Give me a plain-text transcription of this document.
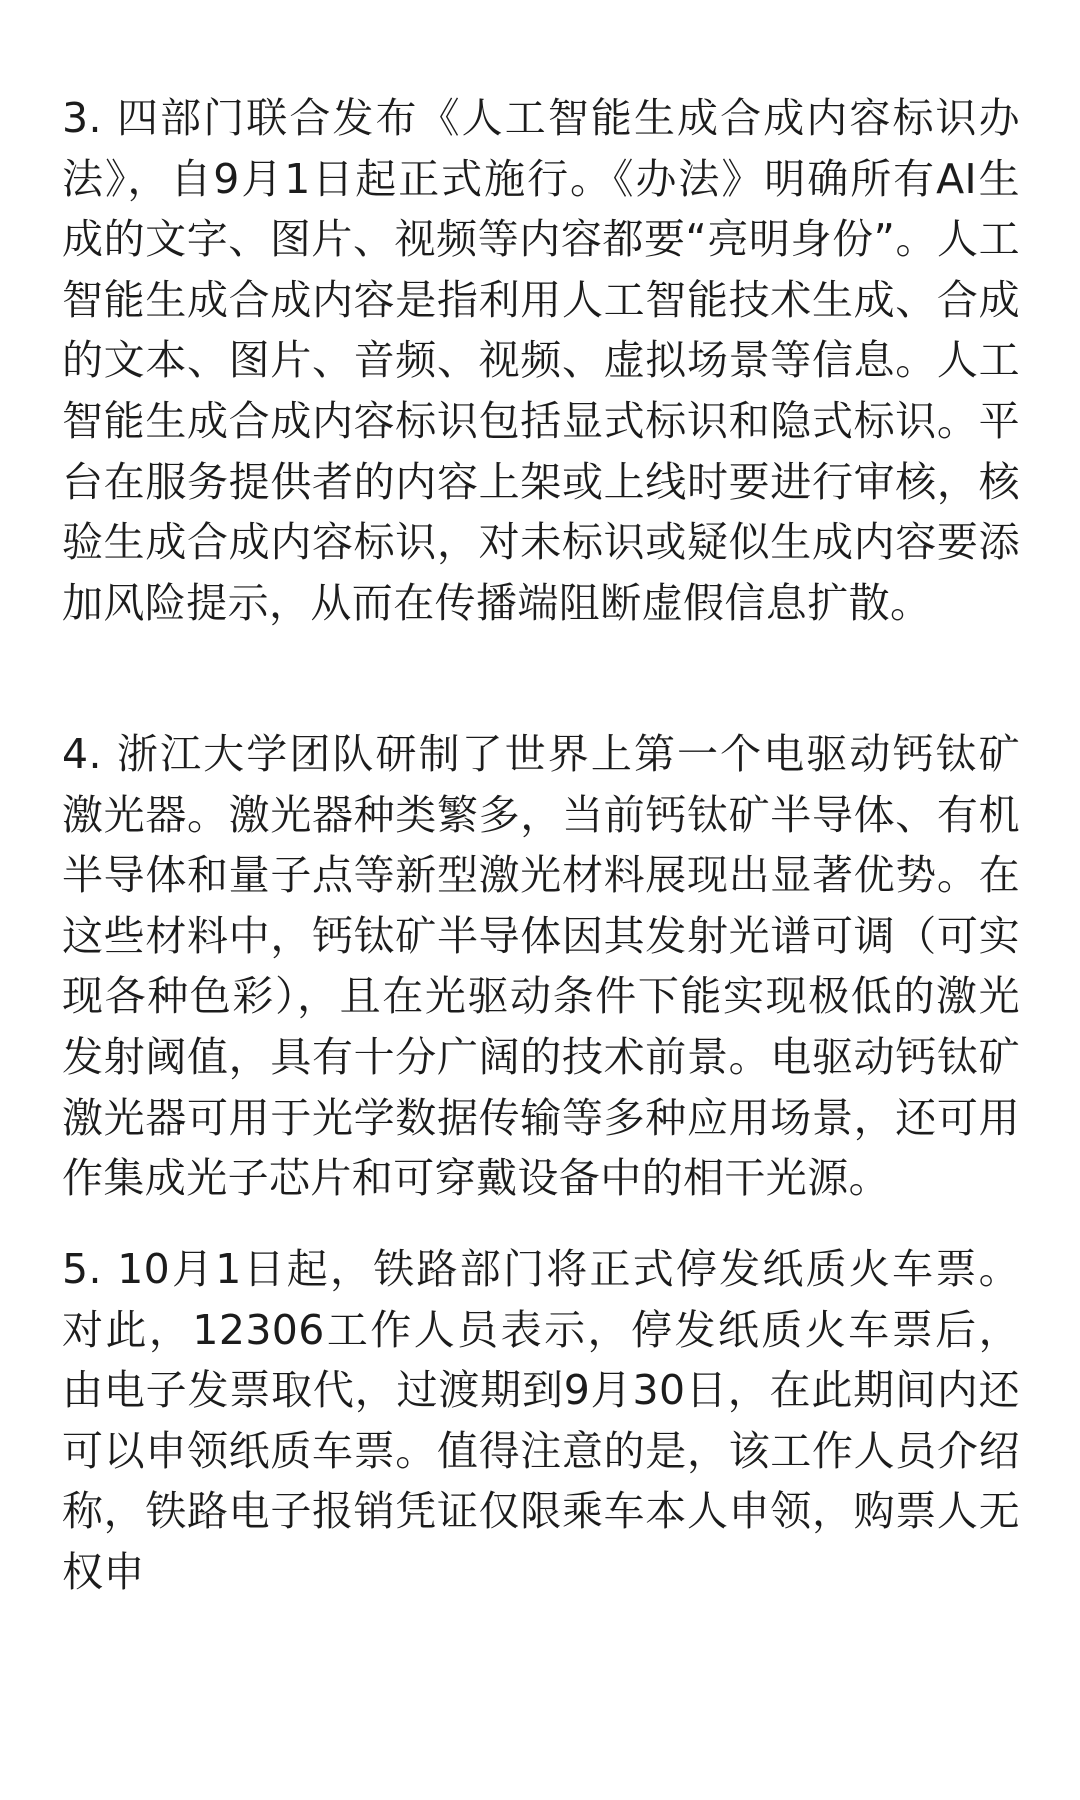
3. 四部门联合发布《人工智能生成合成内容标识办法》，自9月1日起正式施行。《办法》明确所有AI生成的文字、图片、视频等内容都要“亮明身份”。人工智能生成合成内容是指利用人工智能技术生成、合成的文本、图片、音频、视频、虚拟场景等信息。人工智能生成合成内容标识包括显式标识和隐式标识。平台在服务提供者的内容上架或上线时要进行审核，核验生成合成内容标识，对未标识或疑似生成内容要添加风险提示，从而在传播端阻断虚假信息扩散。

4. 浙江大学团队研制了世界上第一个电驱动钙钛矿激光器。激光器种类繁多，当前钙钛矿半导体、有机半导体和量子点等新型激光材料展现出显著优势。在这些材料中，钙钛矿半导体因其发射光谱可调（可实现各种色彩），且在光驱动条件下能实现极低的激光发射阈值，具有十分广阔的技术前景。电驱动钙钛矿激光器可用于光学数据传输等多种应用场景，还可用作集成光子芯片和可穿戴设备中的相干光源。

5. 10月1日起，铁路部门将正式停发纸质火车票。对此，12306工作人员表示，停发纸质火车票后，由电子发票取代，过渡期到9月30日，在此期间内还可以申领纸质车票。值得注意的是，该工作人员介绍称，铁路电子报销凭证仅限乘车本人申领，购票人无权申
